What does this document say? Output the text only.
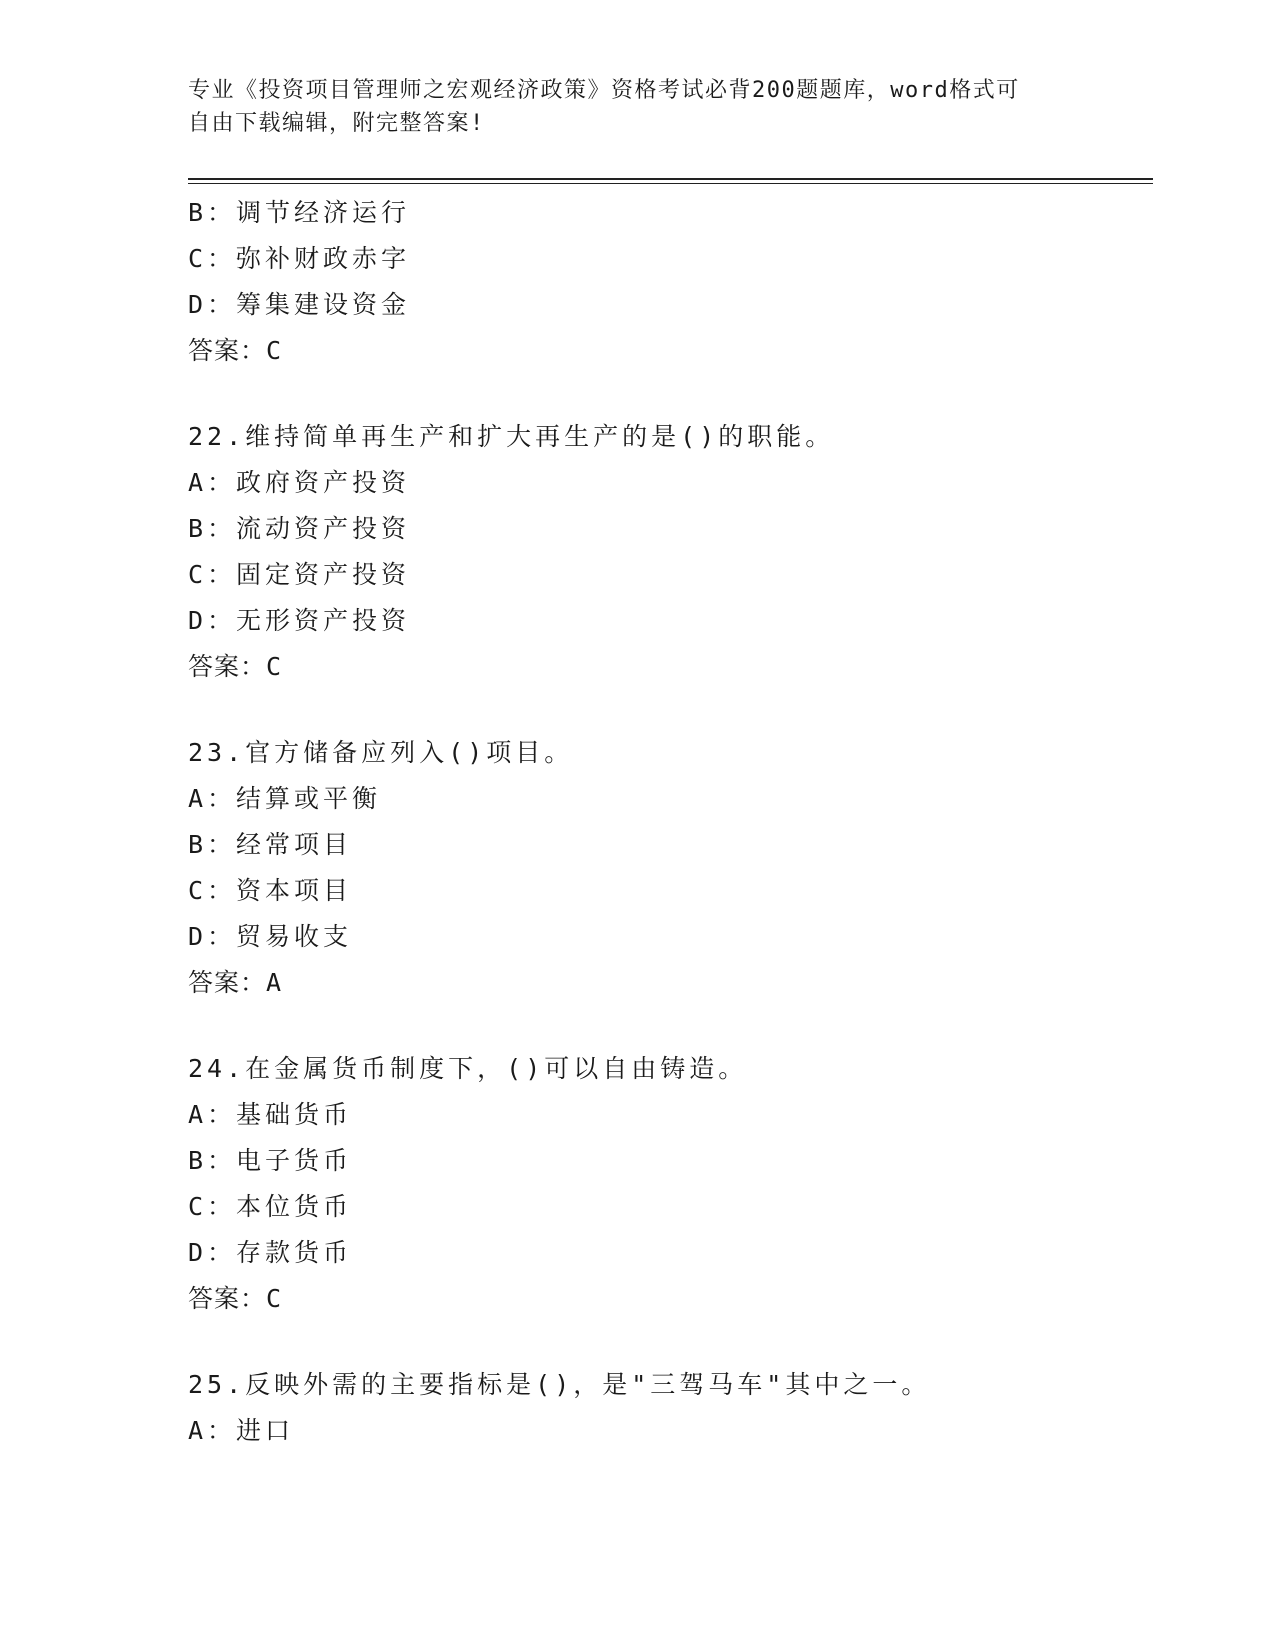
专业《投资项目管理师之宏观经济政策》资格考试必背200题题库，word格式可
自由下载编辑，附完整答案!
B：调节经济运行
C：弥补财政赤字
D：筹集建设资金
答案：C
22.维持简单再生产和扩大再生产的是()的职能。
A：政府资产投资
B：流动资产投资
C：固定资产投资
D：无形资产投资
答案：C
23.官方储备应列入()项目。
A：结算或平衡
B：经常项目
C：资本项目
D：贸易收支
答案：A
24.在金属货币制度下，()可以自由铸造。
A：基础货币
B：电子货币
C：本位货币
D：存款货币
答案：C
25.反映外需的主要指标是()，是"三驾马车"其中之一。
A：进口
